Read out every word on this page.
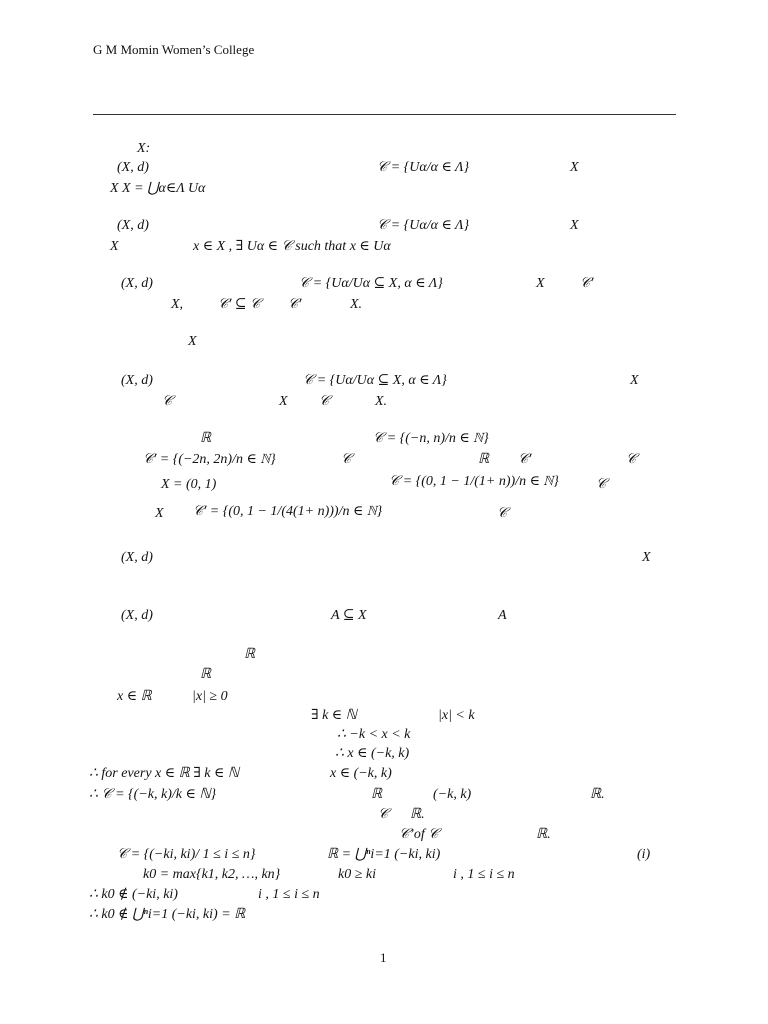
G M Momin Women’s College
X:
(X, d)	𝒞 = {Uα/α ∈ Λ}	X
X X = ⋃α∈Λ Uα
(X, d)	𝒞 = {Uα/α ∈ Λ}	X
X	x ∈ X , ∃ Uα ∈ 𝒞 such that x ∈ Uα
(X, d)	𝒞 = {Uα/Uα ⊆ X, α ∈ Λ}	X	𝒞′
X, 𝒞′ ⊆ 𝒞 𝒞′	X.
X
(X, d)	𝒞 = {Uα/Uα ⊆ X, α ∈ Λ}	X
𝒞	X 𝒞	X.
ℝ	𝒞 = {(−n, n)/n ∈ ℕ}
𝒞′ = {(−2n, 2n)/n ∈ ℕ}	𝒞	ℝ 𝒞′	𝒞
X = (0, 1)	𝒞 = {(0, 1 − 1/(1+ n))/n ∈ ℕ}	𝒞
X 𝒞′ = {(0, 1 − 1/(4(1+ n)))/n ∈ ℕ}	𝒞
(X, d)	X
(X, d)	A ⊆ X	A
ℝ
ℝ
x ∈ ℝ	|x| ≥ 0
∃ k ∈ ℕ	|x| < k
∴ −k < x < k
∴ x ∈ (−k, k)
∴ for every x ∈ ℝ ∃ k ∈ ℕ	x ∈ (−k, k)
∴ 𝒞 = {(−k, k)/k ∈ ℕ}	ℝ	(−k, k)	ℝ.
𝒞 ℝ.
𝒞’of 𝒞	ℝ.
𝒞 = {(−ki, ki)/ 1 ≤ i ≤ n}	ℝ = ⋃ⁿi=1 (−ki, ki)	(i)
k0 = max{k1, k2, …, kn}	k0 ≥ ki	i , 1 ≤ i ≤ n
∴ k0 ∉ (−ki, ki)	i , 1 ≤ i ≤ n
∴ k0 ∉ ⋃ⁿi=1 (−ki, ki) = ℝ
1
